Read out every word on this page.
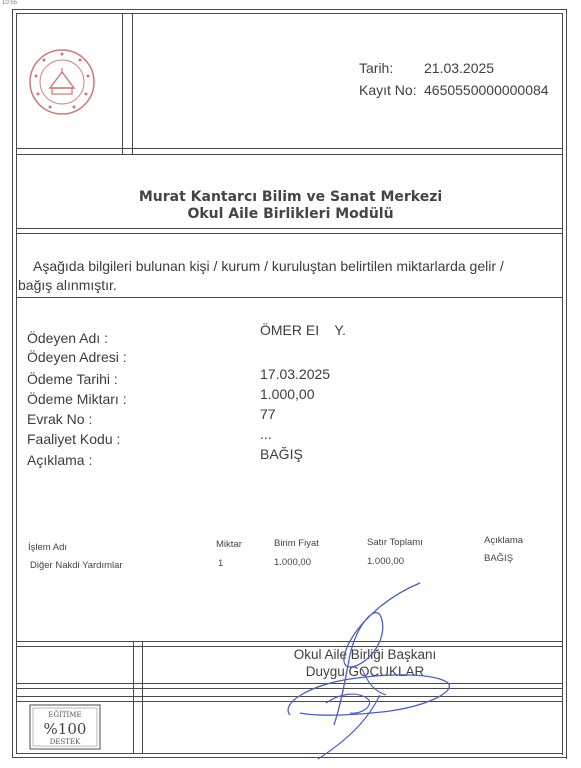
10:55
Tarih: 21.03.2025
Kayıt No: 4650550000000084
Murat Kantarcı Bilim ve Sanat Merkezi
Okul Aile Birlikleri Modülü
Aşağıda bilgileri bulunan kişi / kurum / kuruluştan belirtilen miktarlarda gelir /
bağış alınmıştır.
Ödeyen Adı :	ÖMER EI    Y.
Ödeyen Adresi :
Ödeme Tarihi :	17.03.2025
Ödeme Miktarı :	1.000,00
Evrak No :	77
Faaliyet Kodu :	...
Açıklama :	BAĞIŞ
İşlem Adı	Miktar	Birim Fiyat	Satır Toplamı	Açıklama
Diğer Nakdi Yardımlar	1	1.000,00	1.000,00	BAĞIŞ
Okul Aile Birliği Başkanı
Duygu GOCUKLAR
EĞİTİME
%100
DESTEK
